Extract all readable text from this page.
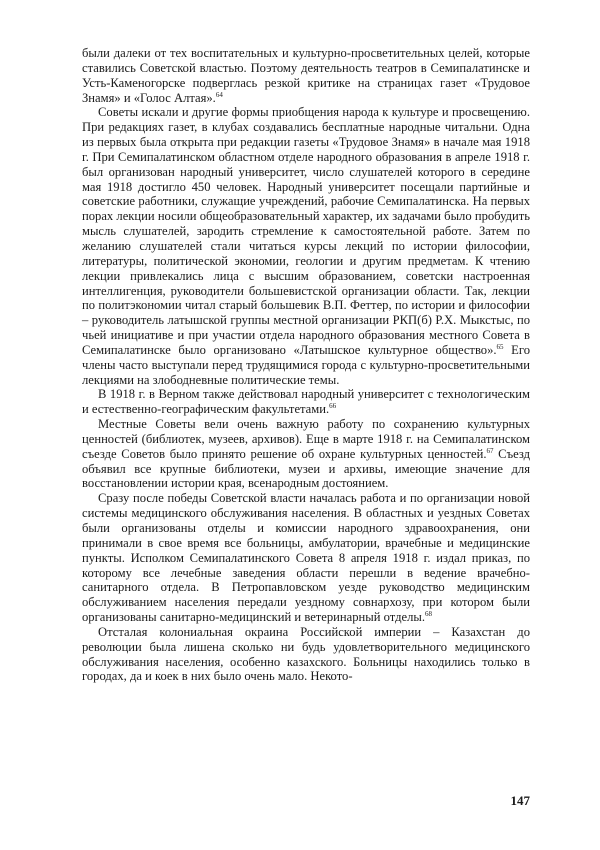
были далеки от тех воспитательных и культурно-просветительных целей, которые ставились Советской властью. Поэтому деятельность театров в Семипалатинске и Усть-Каменогорске подверглась резкой критике на страницах газет «Трудовое Знамя» и «Голос Алтая».$^{64}$

Советы искали и другие формы приобщения народа к культуре и просвещению. При редакциях газет, в клубах создавались бесплатные народные читальни. Одна из первых была открыта при редакции газеты «Трудовое Знамя» в начале мая 1918 г. При Семипалатинском областном отделе народного образования в апреле 1918 г. был организован народный университет, число слушателей которого в середине мая 1918 достигло 450 человек. Народный университет посещали партийные и советские работники, служащие учреждений, рабочие Семипалатинска. На первых порах лекции носили общеобразовательный характер, их задачами было пробудить мысль слушателей, зародить стремление к самостоятельной работе. Затем по желанию слушателей стали читаться курсы лекций по истории философии, литературы, политической экономии, геологии и другим предметам. К чтению лекции привлекались лица с высшим образованием, советски настроенная интеллигенция, руководители большевистской организации области. Так, лекции по политэкономии читал старый большевик В.П. Феттер, по истории и философии – руководитель латышской группы местной организации РКП(б) Р.Х. Мыкстыс, по чьей инициативе и при участии отдела народного образования местного Совета в Семипалатинске было организовано «Латышское культурное общество».$^{65}$ Его члены часто выступали перед трудящимися города с культурно-просветительными лекциями на злободневные политические темы.

В 1918 г. в Верном также действовал народный университет с технологическим и естественно-географическим факультетами.$^{66}$

Местные Советы вели очень важную работу по сохранению культурных ценностей (библиотек, музеев, архивов). Еще в марте 1918 г. на Семипалатинском съезде Советов было принято решение об охране культурных ценностей.$^{67}$ Съезд объявил все крупные библиотеки, музеи и архивы, имеющие значение для восстановлении истории края, всенародным достоянием.

Сразу после победы Советской власти началась работа и по организации новой системы медицинского обслуживания населения. В областных и уездных Советах были организованы отделы и комиссии народного здравоохранения, они принимали в свое время все больницы, амбулатории, врачебные и медицинские пункты. Исполком Семипалатинского Совета 8 апреля 1918 г. издал приказ, по которому все лечебные заведения области перешли в ведение врачебно-санитарного отдела. В Петропавловском уезде руководство медицинским обслуживанием населения передали уездному совнархозу, при котором были организованы санитарно-медицинский и ветеринарный отделы.$^{68}$

Отсталая колониальная окраина Российской империи – Казахстан до революции была лишена сколько ни будь удовлетворительного медицинского обслуживания населения, особенно казахского. Больницы находились только в городах, да и коек в них было очень мало. Некото-

147
